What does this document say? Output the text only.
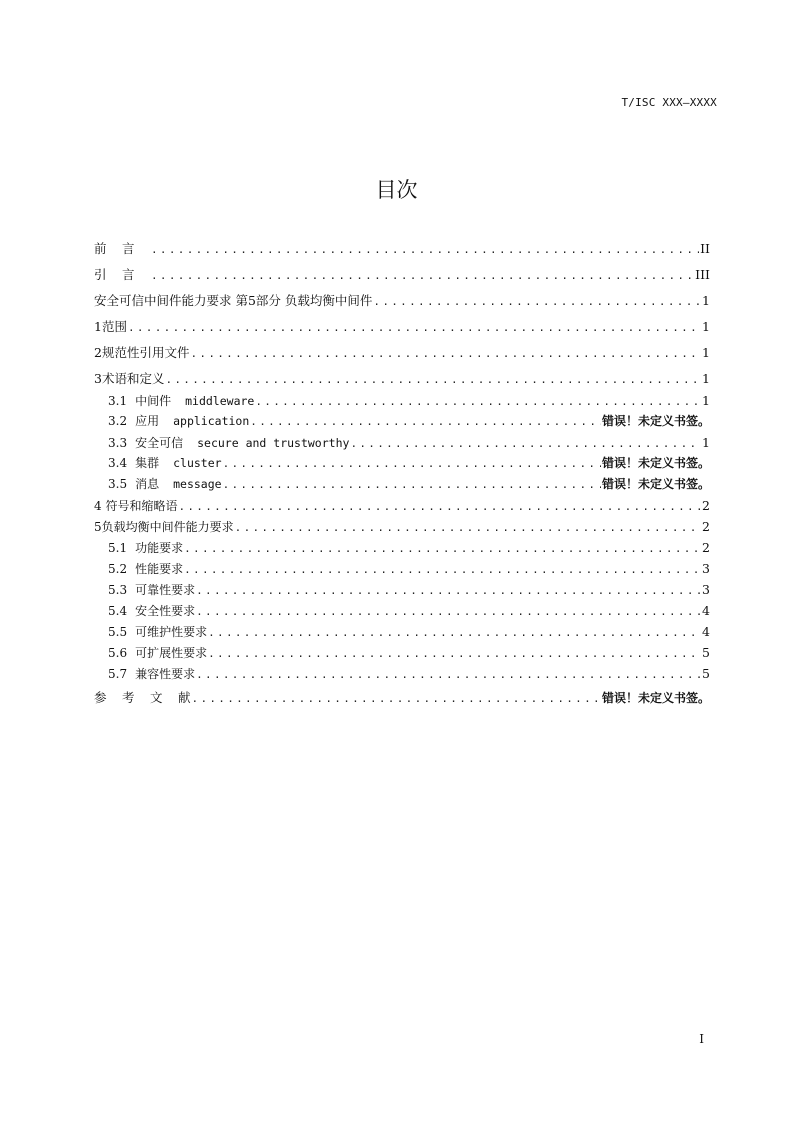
T/ISC XXX—XXXX
目次
前 言 .....	II
引 言 .....	III
安全可信中间件能力要求 第5部分 负载均衡中间件 .....	1
1范围 .....	1
2规范性引用文件 .....	1
3术语和定义 .....	1
3.1 中间件 middleware .....	1
3.2 应用 application .....	错误！未定义书签。
3.3 安全可信 secure and trustworthy .....	1
3.4 集群 cluster .....	错误！未定义书签。
3.5 消息 message .....	错误！未定义书签。
4 符号和缩略语 .....	2
5负载均衡中间件能力要求 .....	2
5.1 功能要求 .....	2
5.2 性能要求 .....	3
5.3 可靠性要求 .....	3
5.4 安全性要求 .....	4
5.5 可维护性要求 .....	4
5.6 可扩展性要求 .....	5
5.7 兼容性要求 .....	5
参 考 文 献 .....	错误！未定义书签。
I
